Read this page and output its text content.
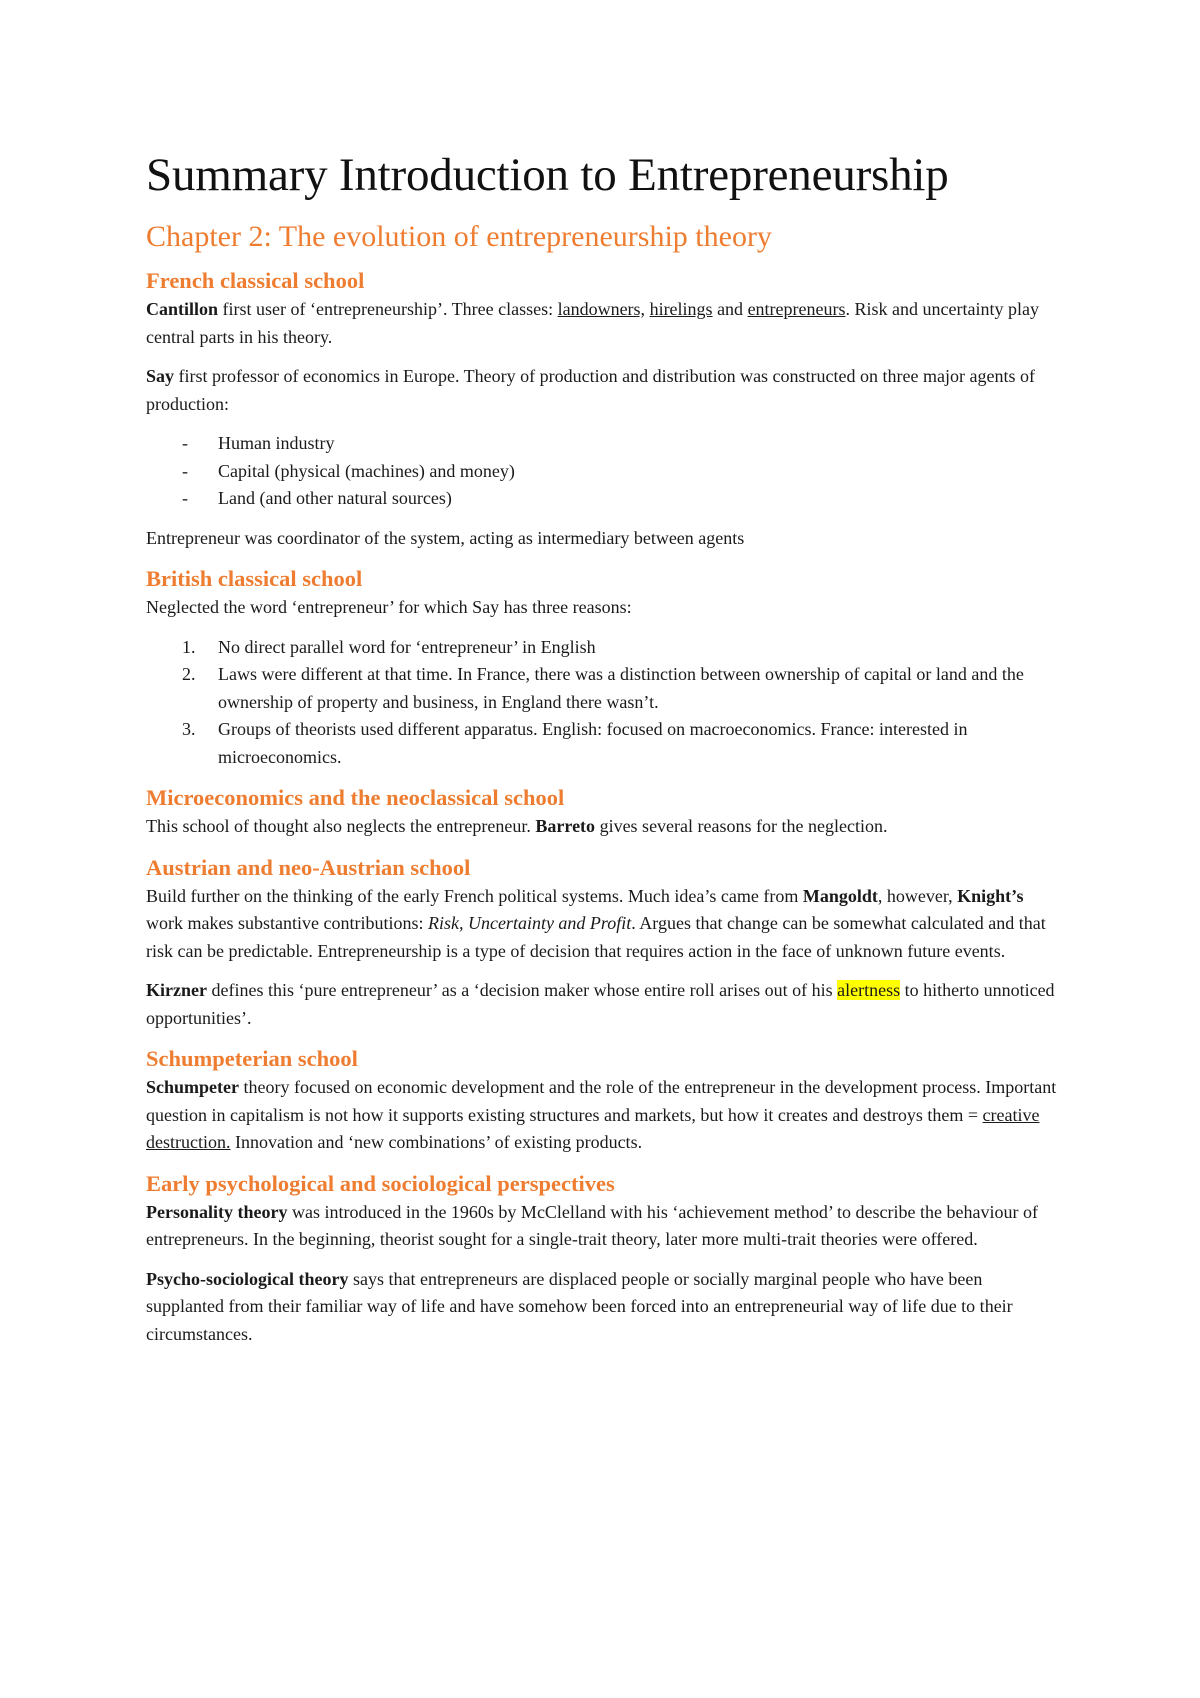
Summary Introduction to Entrepreneurship
Chapter 2: The evolution of entrepreneurship theory
French classical school

Cantillon first user of ‘entrepreneurship’. Three classes: landowners, hirelings and entrepreneurs. Risk and uncertainty play central parts in his theory.

Say first professor of economics in Europe. Theory of production and distribution was constructed on three major agents of production:

- Human industry
- Capital (physical (machines) and money)
- Land (and other natural sources)

Entrepreneur was coordinator of the system, acting as intermediary between agents

British classical school

Neglected the word ‘entrepreneur’ for which Say has three reasons:

No direct parallel word for ‘entrepreneur’ in English
Laws were different at that time. In France, there was a distinction between ownership of capital or land and the ownership of property and business, in England there wasn’t.
Groups of theorists used different apparatus. English: focused on macroeconomics. France: interested in microeconomics.
Microeconomics and the neoclassical school

This school of thought also neglects the entrepreneur. Barreto gives several reasons for the neglection.

Austrian and neo-Austrian school

Build further on the thinking of the early French political systems. Much idea’s came from Mangoldt, however, Knight’s work makes substantive contributions: Risk, Uncertainty and Profit. Argues that change can be somewhat calculated and that risk can be predictable. Entrepreneurship is a type of decision that requires action in the face of unknown future events.

Kirzner defines this ‘pure entrepreneur’ as a ‘decision maker whose entire roll arises out of his alertness to hitherto unnoticed opportunities’.

Schumpeterian school

Schumpeter theory focused on economic development and the role of the entrepreneur in the development process. Important question in capitalism is not how it supports existing structures and markets, but how it creates and destroys them = creative destruction. Innovation and ‘new combinations’ of existing products.

Early psychological and sociological perspectives

Personality theory was introduced in the 1960s by McClelland with his ‘achievement method’ to describe the behaviour of entrepreneurs. In the beginning, theorist sought for a single-trait theory, later more multi-trait theories were offered.

Psycho-sociological theory says that entrepreneurs are displaced people or socially marginal people who have been supplanted from their familiar way of life and have somehow been forced into an entrepreneurial way of life due to their circumstances.
